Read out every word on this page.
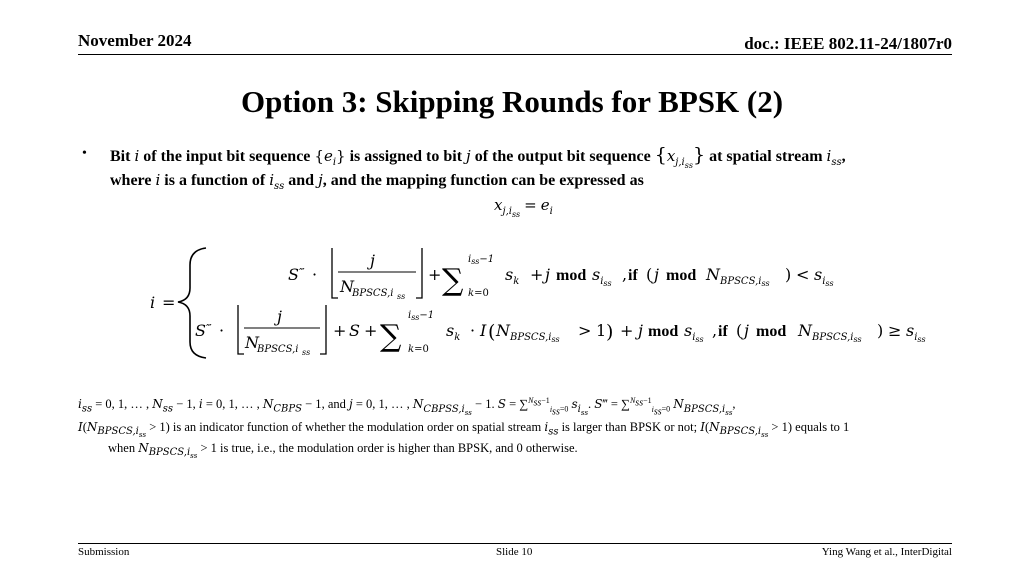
November 2024	doc.: IEEE 802.11-24/1807r0
Option 3: Skipping Rounds for BPSK (2)
• Bit i of the input bit sequence $\{e_i\}$ is assigned to bit j of the output bit sequence $\{x_{j,i_{ss}}\}$ at spatial stream $i_{ss}$,
where i is a function of $i_{ss}$ and j, and the mapping function can be expressed as
$x_{j,i_{ss}} = e_i$
i =
S ‴ ·
j
N
BPSCS,i ss
+ ∑
$i_{ss}-1$
k=0
$s_k + j$ mod $s_iss$ , if ( j mod $N_{BPSCS,i}ss$ ) < $s_iss$
S ‴ ·
j
N
BPSCS,i ss
+ S + ∑
$i_{ss}-1$
k=0
$s_k \cdot I$ ( $N_{BPSCS,i}ss > 1$ ) + j mod $s_iss$ , if ( j mod $N_{BPSCS,i}ss$ ) ≥ $s_iss$
$i_{ss} = 0$, 1, … , $N_{ss} - 1$, i = 0, 1, … , $N_{CBPS} - 1$, and j = 0, 1, … , $N_{CBPSS,i_{ss}} - 1$. S = ∑$^{N_{ss}-1}_{i_{ss}=0}$ $s_{i_{ss}}$. S‴ = ∑$^{N_{ss}-1}_{i_{ss}=0}$ $N_{BPSCS,i_{ss}}$,
$I(N_{BPSCS,i_{ss}} > 1)$ is an indicator function of whether the modulation order on spatial stream $i_{ss}$ is larger than BPSK or not; $I(N_{BPSCS,i_{ss}} > 1)$ equals to 1
when $N_{BPSCS,i_{ss}} > 1$ is true, i.e., the modulation order is higher than BPSK, and 0 otherwise.
Submission	Slide 10	Ying Wang et al., InterDigital
